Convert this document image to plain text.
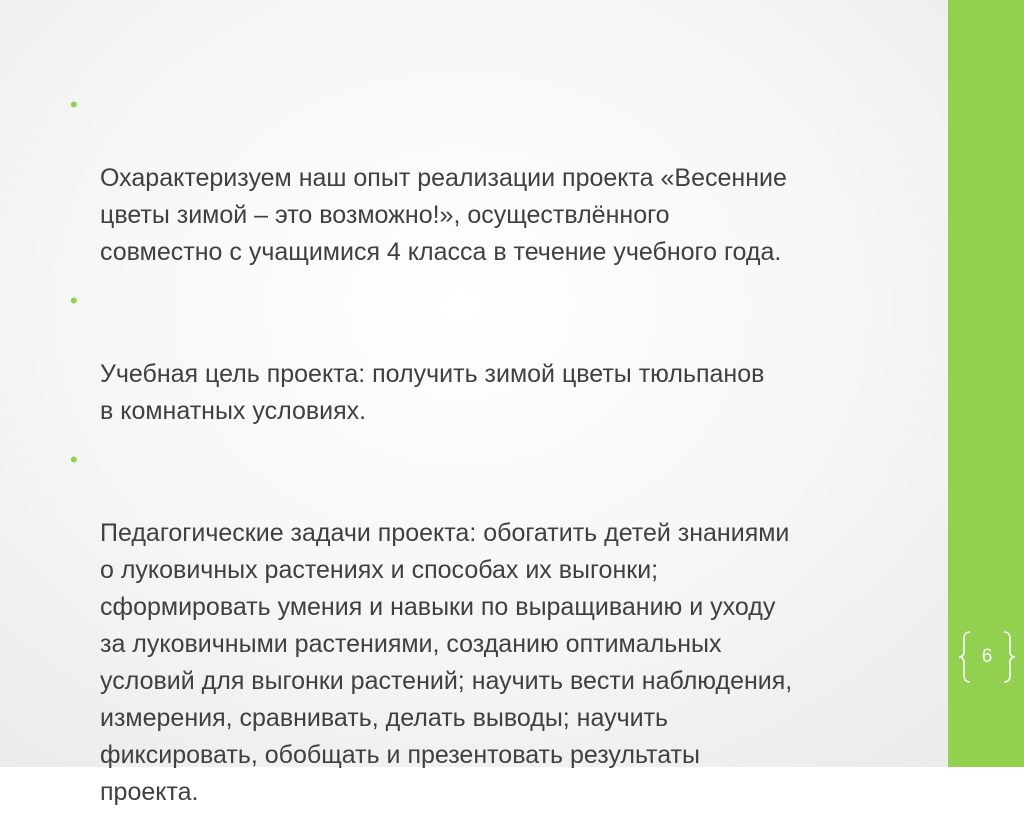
•

Охарактеризуем наш опыт реализации проекта «Весенние
цветы зимой – это возможно!», осуществлённого
совместно с учащимися 4 класса в течение учебного года.

•

Учебная цель проекта: получить зимой цветы тюльпанов
в комнатных условиях.

•

Педагогические задачи проекта: обогатить детей знаниями
о луковичных растениях и способах их выгонки;
сформировать умения и навыки по выращиванию и уходу
за луковичными растениями, созданию оптимальных
условий для выгонки растений; научить вести наблюдения,
измерения, сравнивать, делать выводы; научить
фиксировать, обобщать и презентовать результаты
проекта.

6
